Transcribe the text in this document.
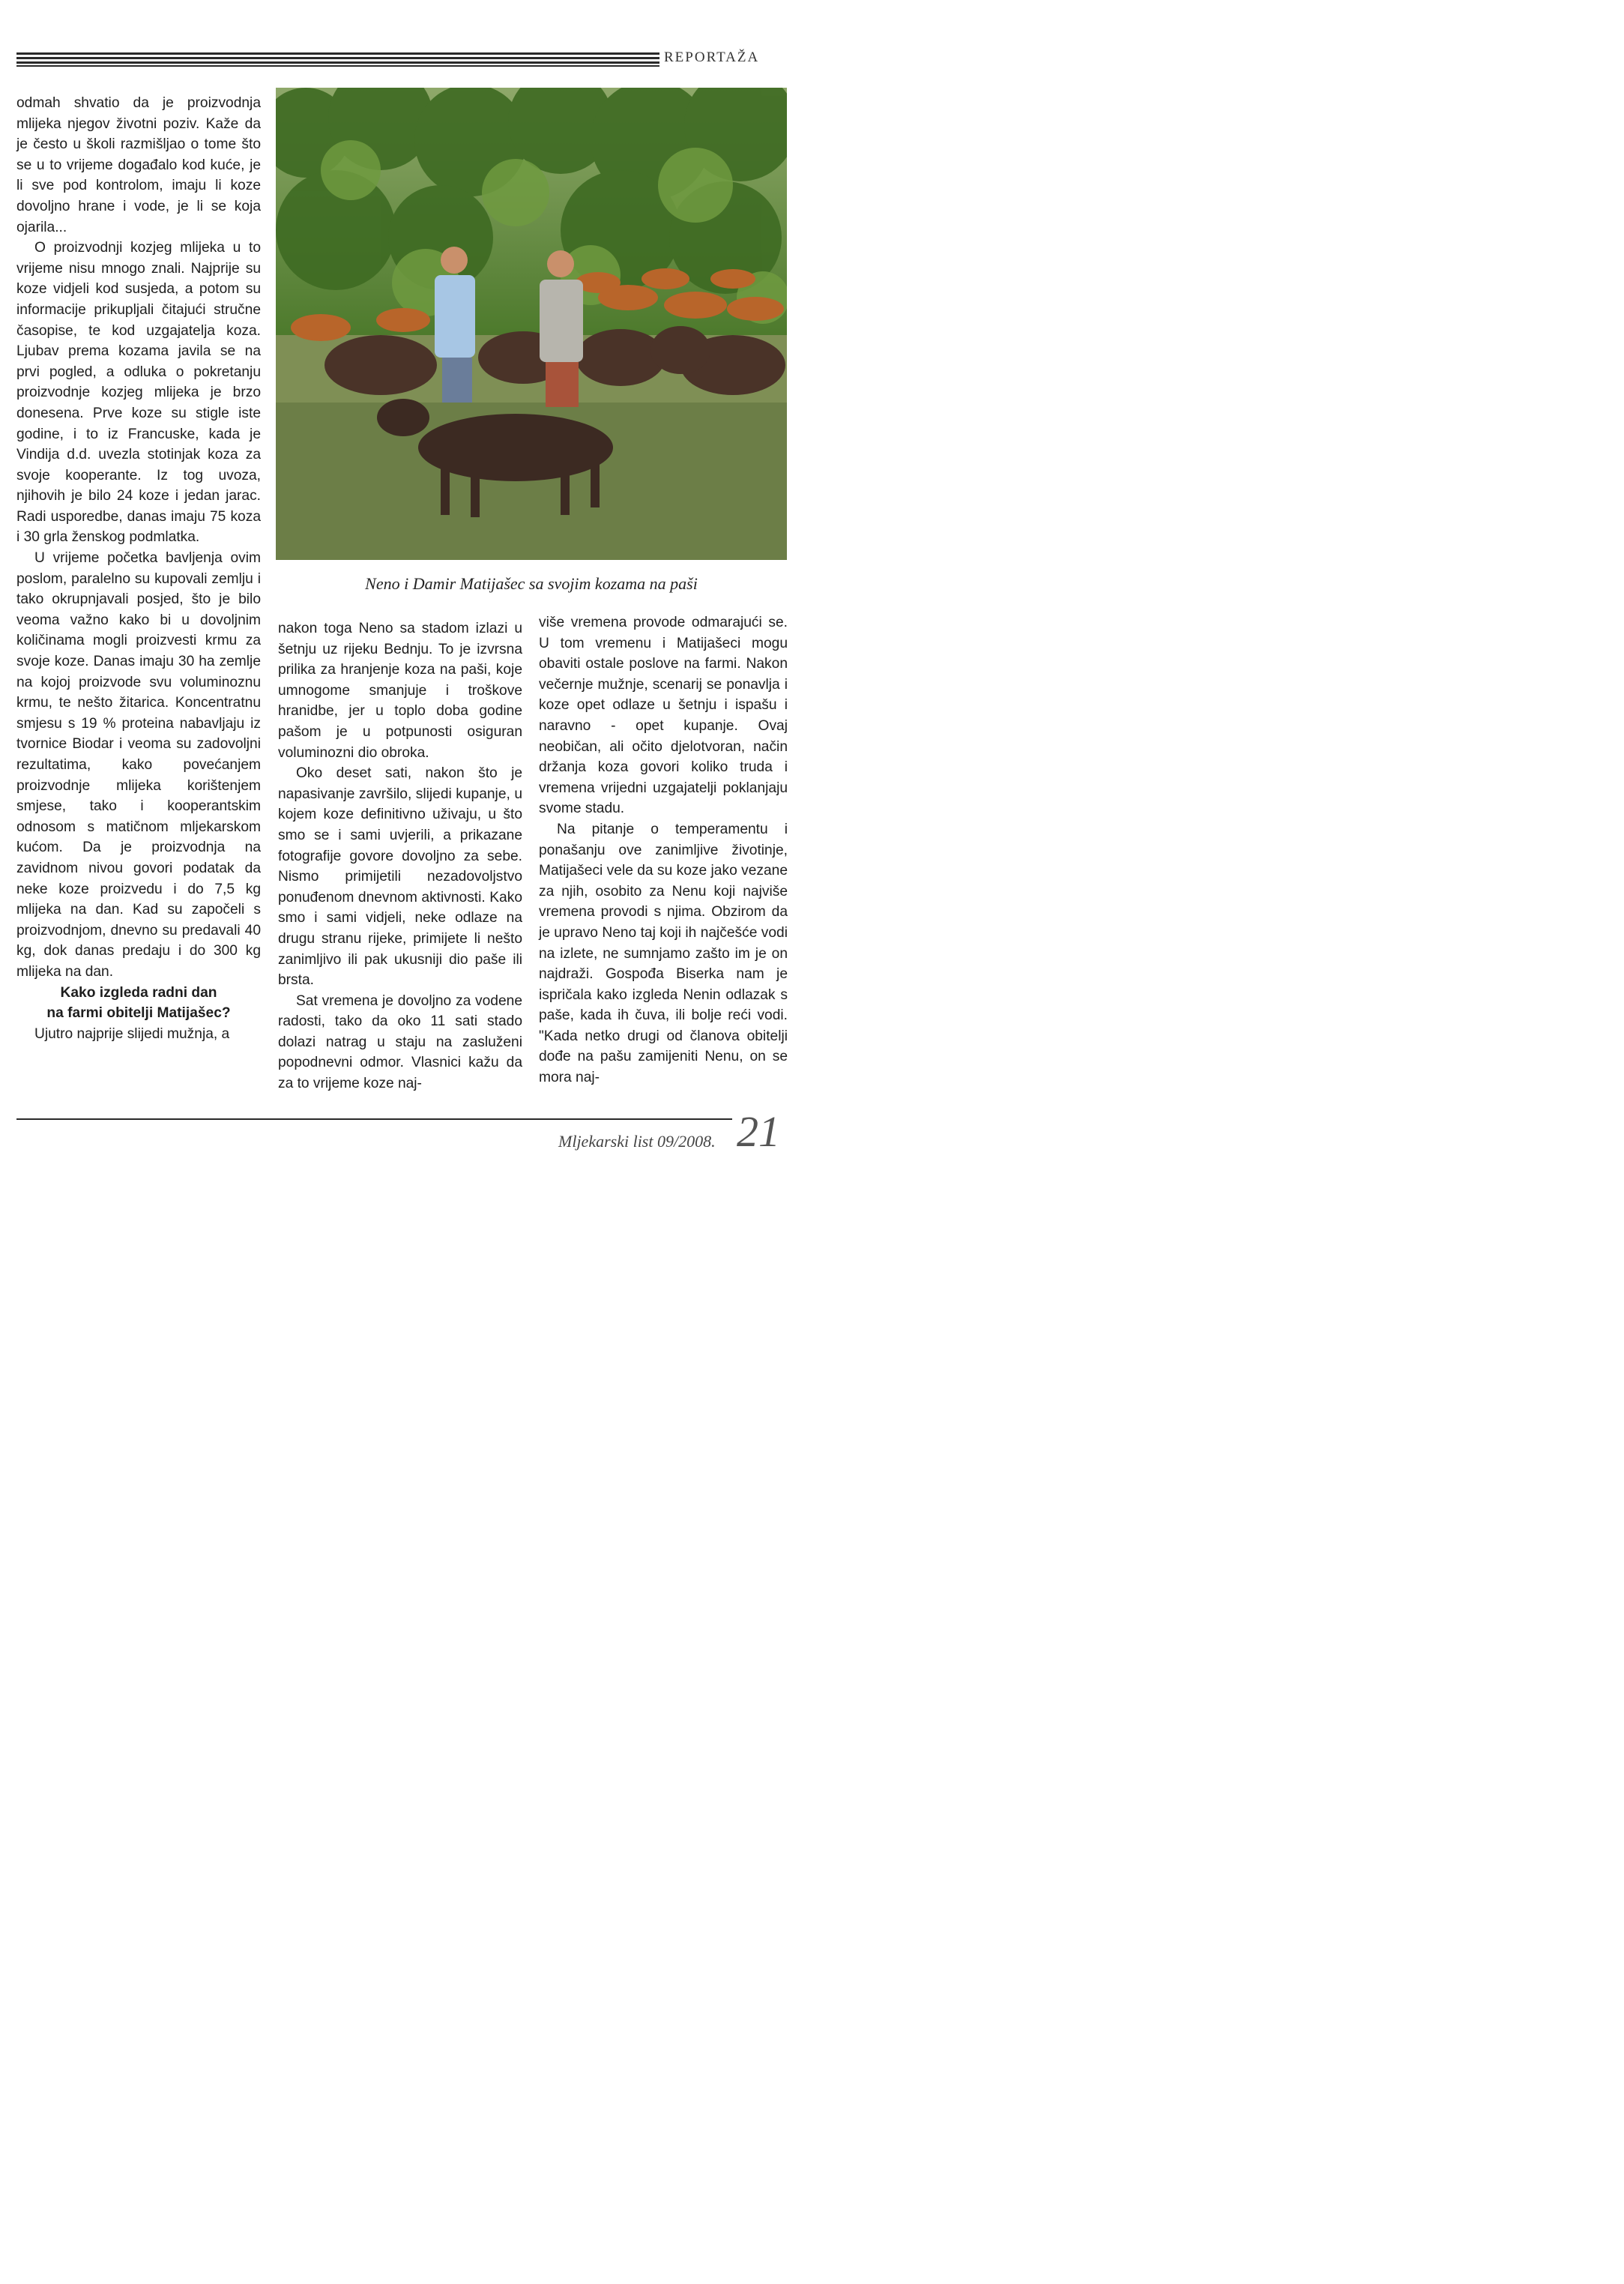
REPORTAŽA

odmah shvatio da je proizvodnja mlijeka njegov životni poziv. Kaže da je često u školi razmišljao o tome što se u to vrijeme događalo kod kuće, je li sve pod kontrolom, imaju li koze dovoljno hrane i vode, je li se koja ojarila...

O proizvodnji kozjeg mlijeka u to vrijeme nisu mnogo znali. Najprije su koze vidjeli kod susjeda, a potom su informacije prikupljali čitajući stručne časopise, te kod uzgajatelja koza. Ljubav prema kozama javila se na prvi pogled, a odluka o pokretanju proizvodnje kozjeg mlijeka je brzo donesena. Prve koze su stigle iste godine, i to iz Francuske, kada je Vindija d.d. uvezla stotinjak koza za svoje kooperante. Iz tog uvoza, njihovih je bilo 24 koze i jedan jarac. Radi usporedbe, danas imaju 75 koza i 30 grla ženskog podmlatka.

U vrijeme početka bavljenja ovim poslom, paralelno su kupovali zemlju i tako okrupnjavali posjed, što je bilo veoma važno kako bi u dovoljnim količinama mogli proizvesti krmu za svoje koze. Danas imaju 30 ha zemlje na kojoj proizvode svu voluminoznu krmu, te nešto žitarica. Koncentratnu smjesu s 19 % proteina nabavljaju iz tvornice Biodar i veoma su zadovoljni rezultatima, kako povećanjem proizvodnje mlijeka korištenjem smjese, tako i kooperantskim odnosom s matičnom mljekarskom kućom. Da je proizvodnja na zavidnom nivou govori podatak da neke koze proizvedu i do 7,5 kg mlijeka na dan. Kad su započeli s proizvodnjom, dnevno su predavali 40 kg, dok danas predaju i do 300 kg mlijeka na dan.

Kako izgleda radni dan

na farmi obitelji Matijašec?

Ujutro najprije slijedi mužnja, a

Neno i Damir Matijašec sa svojim kozama na paši

nakon toga Neno sa stadom izlazi u šetnju uz rijeku Bednju. To je izvrsna prilika za hranjenje koza na paši, koje umnogome smanjuje i troškove hranidbe, jer u toplo doba godine pašom je u potpunosti osiguran voluminozni dio obroka.

Oko deset sati, nakon što je napasivanje završilo, slijedi kupanje, u kojem koze definitivno uživaju, u što smo se i sami uvjerili, a prikazane fotografije govore dovoljno za sebe. Nismo primijetili nezadovoljstvo ponuđenom dnevnom aktivnosti. Kako smo i sami vidjeli, neke odlaze na drugu stranu rijeke, primijete li nešto zanimljivo ili pak ukusniji dio paše ili brsta.

Sat vremena je dovoljno za vodene radosti, tako da oko 11 sati stado dolazi natrag u staju na zasluženi popodnevni odmor. Vlasnici kažu da za to vrijeme koze naj-

više vremena provode odmarajući se. U tom vremenu i Matijašeci mogu obaviti ostale poslove na farmi. Nakon večernje mužnje, scenarij se ponavlja i koze opet odlaze u šetnju i ispašu i naravno - opet kupanje. Ovaj neobičan, ali očito djelotvoran, način držanja koza govori koliko truda i vremena vrijedni uzgajatelji poklanjaju svome stadu.

Na pitanje o temperamentu i ponašanju ove zanimljive životinje, Matijašeci vele da su koze jako vezane za njih, osobito za Nenu koji najviše vremena provodi s njima. Obzirom da je upravo Neno taj koji ih najčešće vodi na izlete, ne sumnjamo zašto im je on najdraži. Gospođa Biserka nam je ispričala kako izgleda Nenin odlazak s paše, kada ih čuva, ili bolje reći vodi. "Kada netko drugi od članova obitelji dođe na pašu zamijeniti Nenu, on se mora naj-

Mljekarski list 09/2008. 21
